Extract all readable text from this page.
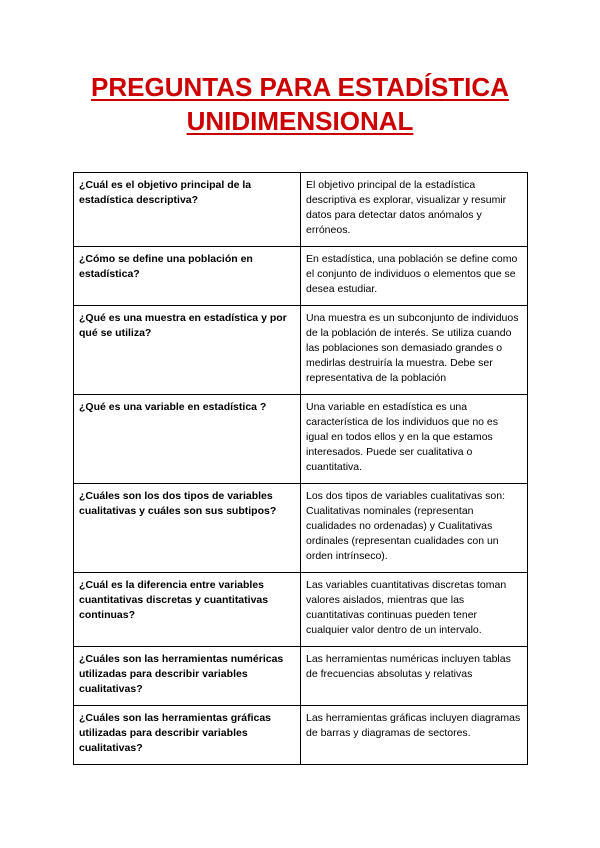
PREGUNTAS PARA ESTADÍSTICA
UNIDIMENSIONAL
¿Cuál es el objetivo principal de la estadística descriptiva?	El objetivo principal de la estadística descriptiva es explorar, visualizar y resumir datos para detectar datos anómalos y erróneos.
¿Cómo se define una población en estadística?	En estadística, una población se define como el conjunto de individuos o elementos que se desea estudiar.
¿Qué es una muestra en estadística y por qué se utiliza?	Una muestra es un subconjunto de individuos de la población de interés. Se utiliza cuando las poblaciones son demasiado grandes o medirlas destruiría la muestra. Debe ser representativa de la población
¿Qué es una variable en estadística ?	Una variable en estadística es una característica de los individuos que no es igual en todos ellos y en la que estamos interesados. Puede ser cualitativa o cuantitativa.
¿Cuáles son los dos tipos de variables cualitativas y cuáles son sus subtipos?	Los dos tipos de variables cualitativas son: Cualitativas nominales (representan cualidades no ordenadas) y Cualitativas ordinales (representan cualidades con un orden intrínseco).
¿Cuál es la diferencia entre variables cuantitativas discretas y cuantitativas continuas?	Las variables cuantitativas discretas toman valores aislados, mientras que las cuantitativas continuas pueden tener cualquier valor dentro de un intervalo.
¿Cuáles son las herramientas numéricas utilizadas para describir variables cualitativas?	Las herramientas numéricas incluyen tablas de frecuencias absolutas y relativas
¿Cuáles son las herramientas gráficas utilizadas para describir variables cualitativas?	Las herramientas gráficas incluyen diagramas de barras y diagramas de sectores.
